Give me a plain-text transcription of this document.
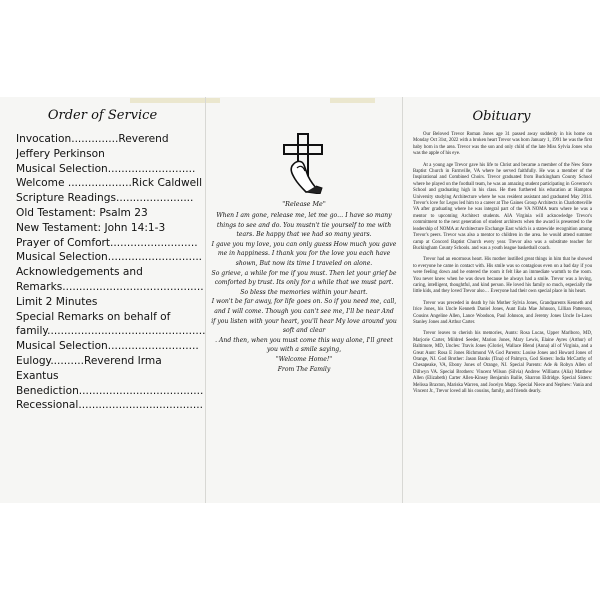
Order of Service
Invocation..............Reverend
Jeffery Perkinson
Musical Selection..........................
Welcome ...................Rick Caldwell
Scripture Readings.......................
Old Testament: Psalm 23
New Testament: John 14:1-3
Prayer of Comfort..........................
Musical Selection............................
Acknowledgements and
Remarks..........................................
Limit 2 Minutes
Special Remarks on behalf of
family...............................................
Musical Selection...........................
Eulogy..........Reverend Irma
Exantus
Benediction.....................................
Recessional.....................................
"Release Me"
When I am gone, release me, let me go… I have so many
things to see and do. You mustn't tie yourself to me with
tears. Be happy that we had so many years.
I gave you my love, you can only guess How much you gave
me in happiness. I thank you for the love you each have
shown, But now its time I traveled on alone.
So grieve, a while for me if you must. Then let your grief be
comforted by trust. Its only for a while that we must part.
So bless the memories within your heart.
I won't be far away, for life goes on. So if you need me, call,
and I will come. Though you can't see me, I'll be near And
if you listen with your heart, you'll hear My love around you
soft and clear
. And then, when you must come this way alone, I'll greet
you with a smile saying,
"Welcome Home!"
From The Family
Obituary

Our Beloved Trevor Roman Jones age 31 passed away suddenly in his home on Monday Oct 31st, 2022 with a broken heart Trevor was born January 1, 1991 he was the first baby born in the area. Trevor was the son and only child of the late Miss Sylvia Jones who was the apple of his eye.

At a young age Trevor gave his life to Christ and became a member of the New Store Baptist Church in Farmville, VA where he served faithfully. He was a member of the Inspirational and Combined Choirs. Trevor graduated from Buckingham County School where he played on the football team, he was an amazing student participating in Governor's School and graduating high in his class. He then furthered his education at Hampton University studying Architecture where he was resident assistant and graduated May 2014. Trevor's love for Legos led him to a career at The Gaines Group Architects in Charlottesville VA after graduating where he was integral part of the VA NOMA team where he was a mentor to upcoming Architect students. AIA Virginia will acknowledge Trevor's commitment to the next generation of student architects when the award is presented to the leadership of NOMA at Architecture Exchange East which is a statewide recognition among Trevor's peers. Trevor was also a mentor to children in the area. he would attend summer camp at Concord Baptist Church every year. Trevor also was a substitute teacher for Buckingham County Schools. and was a youth league basketball coach.

Trevor had an enormous heart. His mother instilled great things in him that he showed to everyone he came in contact with. His smile was so contagious even on a bad day if you were feeling down and he entered the room it felt like an immediate warmth to the room. You never knew when he was down because he always had a smile. Trevor was a loving, caring, intelligent, thoughtful, and kind person. He loved his family so much, especially the little kids, and they loved Trevor also… Everyone had their own special place in his heart.

Trevor was preceded in death by his Mother Sylvia Jones, Grandparents Kenneth and Irice Jones, his Uncle Kenneth Daniel Jones, Aunt Eula Mae Johnson, Lillian Patterson, Cousins Angeline Allen, Lance Woodson, Paul Johnson, and Jeremy Jones Uncle In-Laws Stanley Jones and Arthur Carter.

Trevor leaves to cherish his memories, Aunts: Rosa Lucas, Upper Marlboro, MD, Marjorie Carter, Mildred Seeder, Marion Jones, Mary Lewis, Elaine Ayres (Arthur) of Baltimore, MD, Uncles: Travis Jones (Glorie), Wallace Blend (Anna) all of Virginia, and a Great Aunt: Rosa E Jones Richmond VA God Parents: Louise Jones and Howard Jones of Orange, NJ. God Brother: Jason Banks (Tina) of Palmyra, God Sisters: India McCarthy of Chesapeake, VA, Ebony Jones of Orange, NJ. Special Parents: Ade & Robyn Allen of Dillwyn VA. Special Brothers: Vincent Wilson (Silvia) Andrew Williams (Alia) Matthew Allen (Elizabeth) Carter Allen-Kinsey Benjamin Bailie, Sharron Eldridge. Special Sisters: Melissa Braxton, Mariska Warren, and Jocelyn Mapp. Special Niece and Nephew: Vania and Vincent Jr., Trevor loved all his cousins, family, and friends dearly.
